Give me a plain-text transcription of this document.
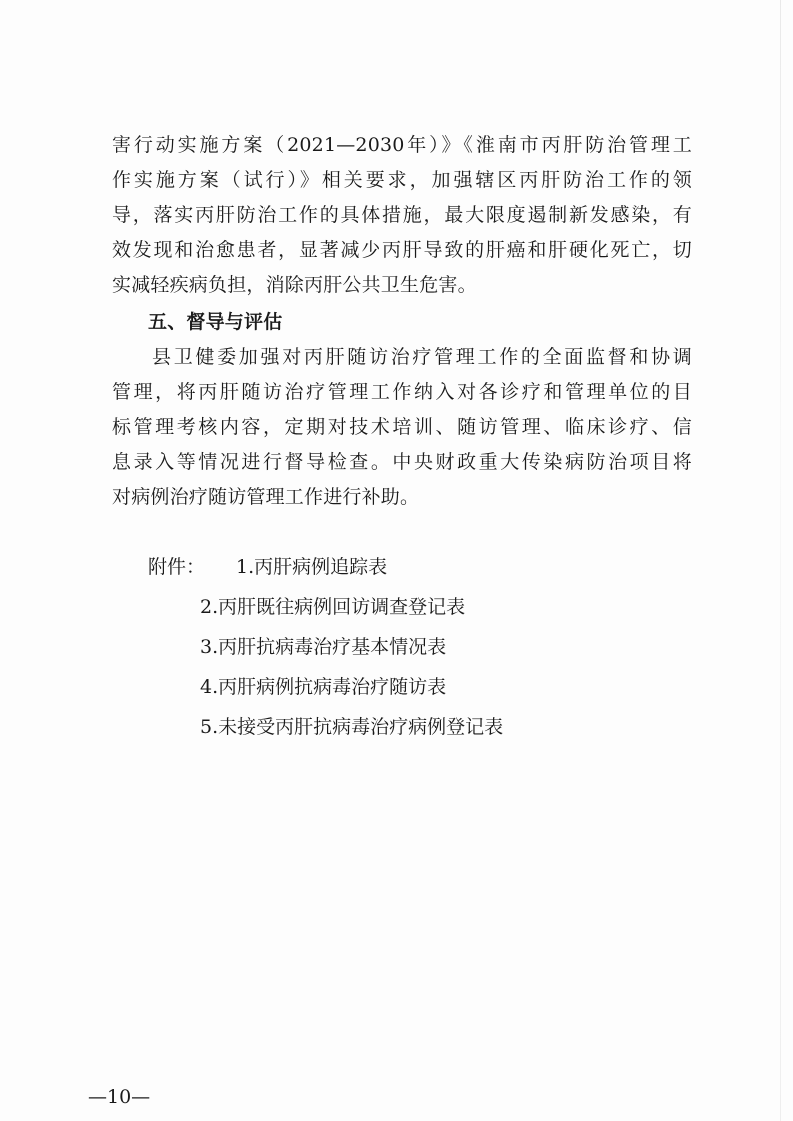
害行动实施方案（2021—2030年）》《淮南市丙肝防治管理工
作实施方案（试行）》相关要求，加强辖区丙肝防治工作的领
导，落实丙肝防治工作的具体措施，最大限度遏制新发感染，有
效发现和治愈患者，显著减少丙肝导致的肝癌和肝硬化死亡，切
实减轻疾病负担，消除丙肝公共卫生危害。
五、督导与评估
县卫健委加强对丙肝随访治疗管理工作的全面监督和协调
管理，将丙肝随访治疗管理工作纳入对各诊疗和管理单位的目
标管理考核内容，定期对技术培训、随访管理、临床诊疗、信
息录入等情况进行督导检查。中央财政重大传染病防治项目将
对病例治疗随访管理工作进行补助。
附件： 1.丙肝病例追踪表
2.丙肝既往病例回访调查登记表
3.丙肝抗病毒治疗基本情况表
4.丙肝病例抗病毒治疗随访表
5.未接受丙肝抗病毒治疗病例登记表
—10—
